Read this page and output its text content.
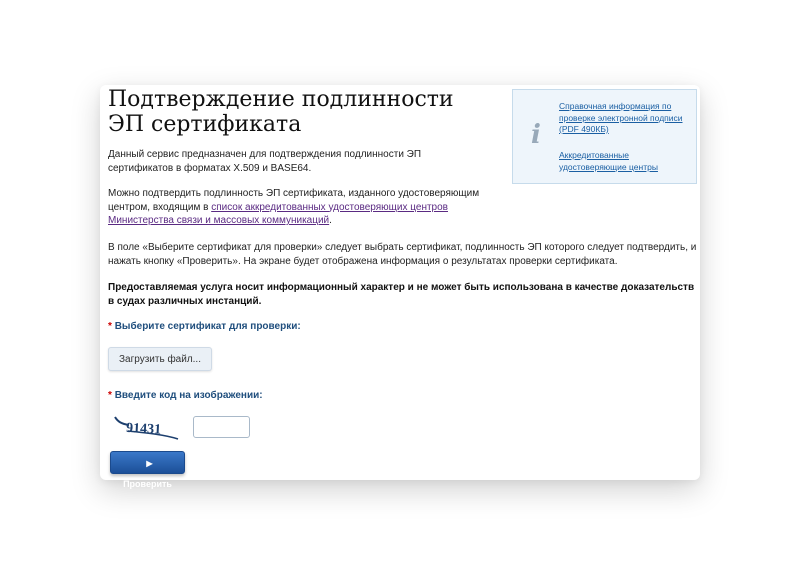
Подтверждение подлинности ЭП сертификата

Данный сервис предназначен для подтверждения подлинности ЭП сертификатов в форматах X.509 и BASE64.

Можно подтвердить подлинность ЭП сертификата, изданного удостоверяющим центром, входящим в список аккредитованных удостоверяющих центров Министерства связи и массовых коммуникаций.

В поле «Выберите сертификат для проверки» следует выбрать сертификат, подлинность ЭП которого следует подтвердить, и нажать кнопку «Проверить». На экране будет отображена информация о результатах проверки сертификата.

Предоставляемая услуга носит информационный характер и не может быть использована в качестве доказательств в судах различных инстанций.

i
Справочная информация по проверке электронной подписи (PDF 490КБ)
Аккредитованные удостоверяющие центры
* Выберите сертификат для проверки:
Загрузить файл...
* Введите код на изображении:
91431
▶Проверить
